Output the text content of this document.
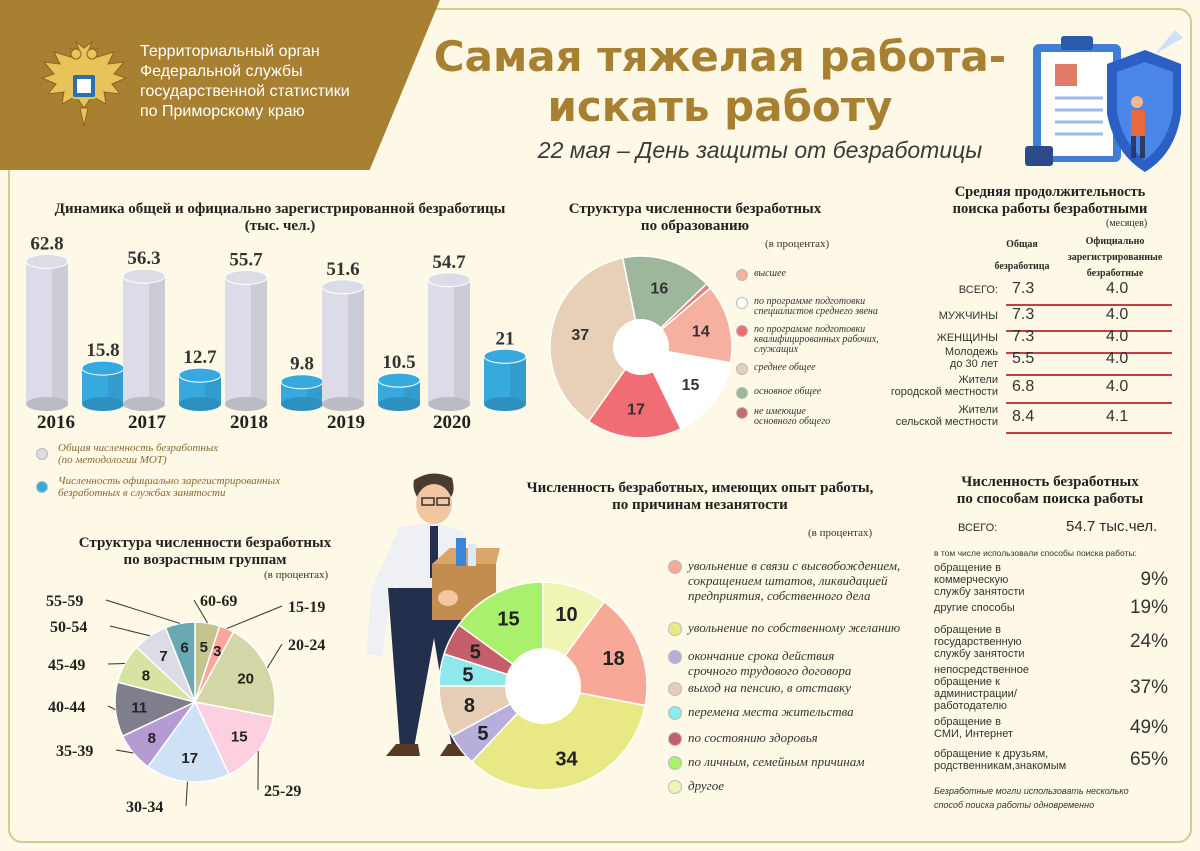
Территориальный орган
Федеральной службы
государственной статистики
по Приморскому краю
Самая тяжелая работа-
искать работу
22 мая – День защиты от безработицы
Динамика общей и официально зарегистрированной безработицы (тыс. чел.)
62.8
15.8
2016
56.3
12.7
2017
55.7
9.8
2018
51.6
10.5
2019
54.7
21
2020
Общая численность безработных
(по методологии МОТ)
Численность официально зарегистрированных
безработных в службах занятости
Структура численности безработных
по образованию
(в процентах)
14
15
17
37
16
высшее
по программе подготовки
специалистов среднего звена
по программе подготовки
квалифицированных рабочих,
служащих
среднее общее
основное общее
не имеющие
основного общего
Средняя продолжительность
поиска работы безработными
(месяцев)
Общая
безработица
Официально
зарегистрированные
безработные
ВСЕГО: 7.3	4.0
МУЖЧИНЫ 7.3	4.0
ЖЕНЩИНЫ 7.3	4.0
Молодежь
до 30 лет 5.5	4.0
Жители
городской местности 6.8	4.0
Жители
сельской местности 8.4	4.1
Структура численности безработных
по возрастным группам
(в процентах)
5 3
20
15
17
8
11
8
7
6
60-69	15-19
20-24
25-29
30-34
35-39
40-44
45-49
50-54
55-59
Численность безработных, имеющих опыт работы,
по причинам незанятости
(в процентах)
18
34
5
8
5
5
15 10
увольнение в связи с высвобождением,
сокращением штатов, ликвидацией
предприятия, собственного дела
увольнение по собственному желанию
окончание срока действия
срочного трудового договора
выход на пенсию, в отставку
перемена места жительства
по состоянию здоровья
по личным, семейным причинам
другое
Численность безработных
по способам поиска работы
ВСЕГО:	54.7 тыс.чел.
в том числе использовали способы поиска работы:
обращение в
коммерческую
службу занятости
9%
другие способы	19%
обращение в
государственную
службу занятости
24%
непосредственное
обращение к
администрации/
работодателю
37%
обращение в
СМИ, Интернет	49%
обращение к друзьям,
родственникам,знакомым	65%
Безработные могли использовать несколько
способ поиска работы одновременно
